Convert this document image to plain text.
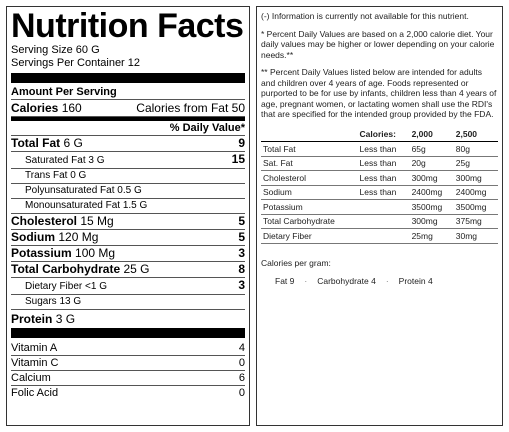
Nutrition Facts
Serving Size 60 G
Servings Per Container 12
Amount Per Serving
Calories 160	Calories from Fat 50
% Daily Value*
Total Fat 6 G	9
Saturated Fat 3 G	15
Trans Fat 0 G
Polyunsaturated Fat 0.5 G
Monounsaturated Fat 1.5 G
Cholesterol 15 Mg	5
Sodium 120 Mg	5
Potassium 100 Mg	3
Total Carbohydrate 25 G	8
Dietary Fiber <1 G	3
Sugars 13 G
Protein 3 G
Vitamin A	4
Vitamin C	0
Calcium	6
Folic Acid	0

(-) Information is currently not available for this nutrient.

* Percent Daily Values are based on a 2,000 calorie diet. Your daily values may be higher or lower depending on your calorie needs.**

** Percent Daily Values listed below are intended for adults and children over 4 years of age. Foods represented or purported to be for use by infants, children less than 4 years of age, pregnant women, or lactating women shall use the RDI's that are specified for the intended group provided by the FDA.

	Calories:	2,000	2,500
Total Fat	Less than	65g	80g
Sat. Fat	Less than	20g	25g
Cholesterol	Less than	300mg	300mg
Sodium	Less than	2400mg	2400mg
Potassium		3500mg	3500mg
Total Carbohydrate		300mg	375mg
Dietary Fiber		25mg	30mg
Calories per gram:
Fat 9 · Carbohydrate 4 · Protein 4
